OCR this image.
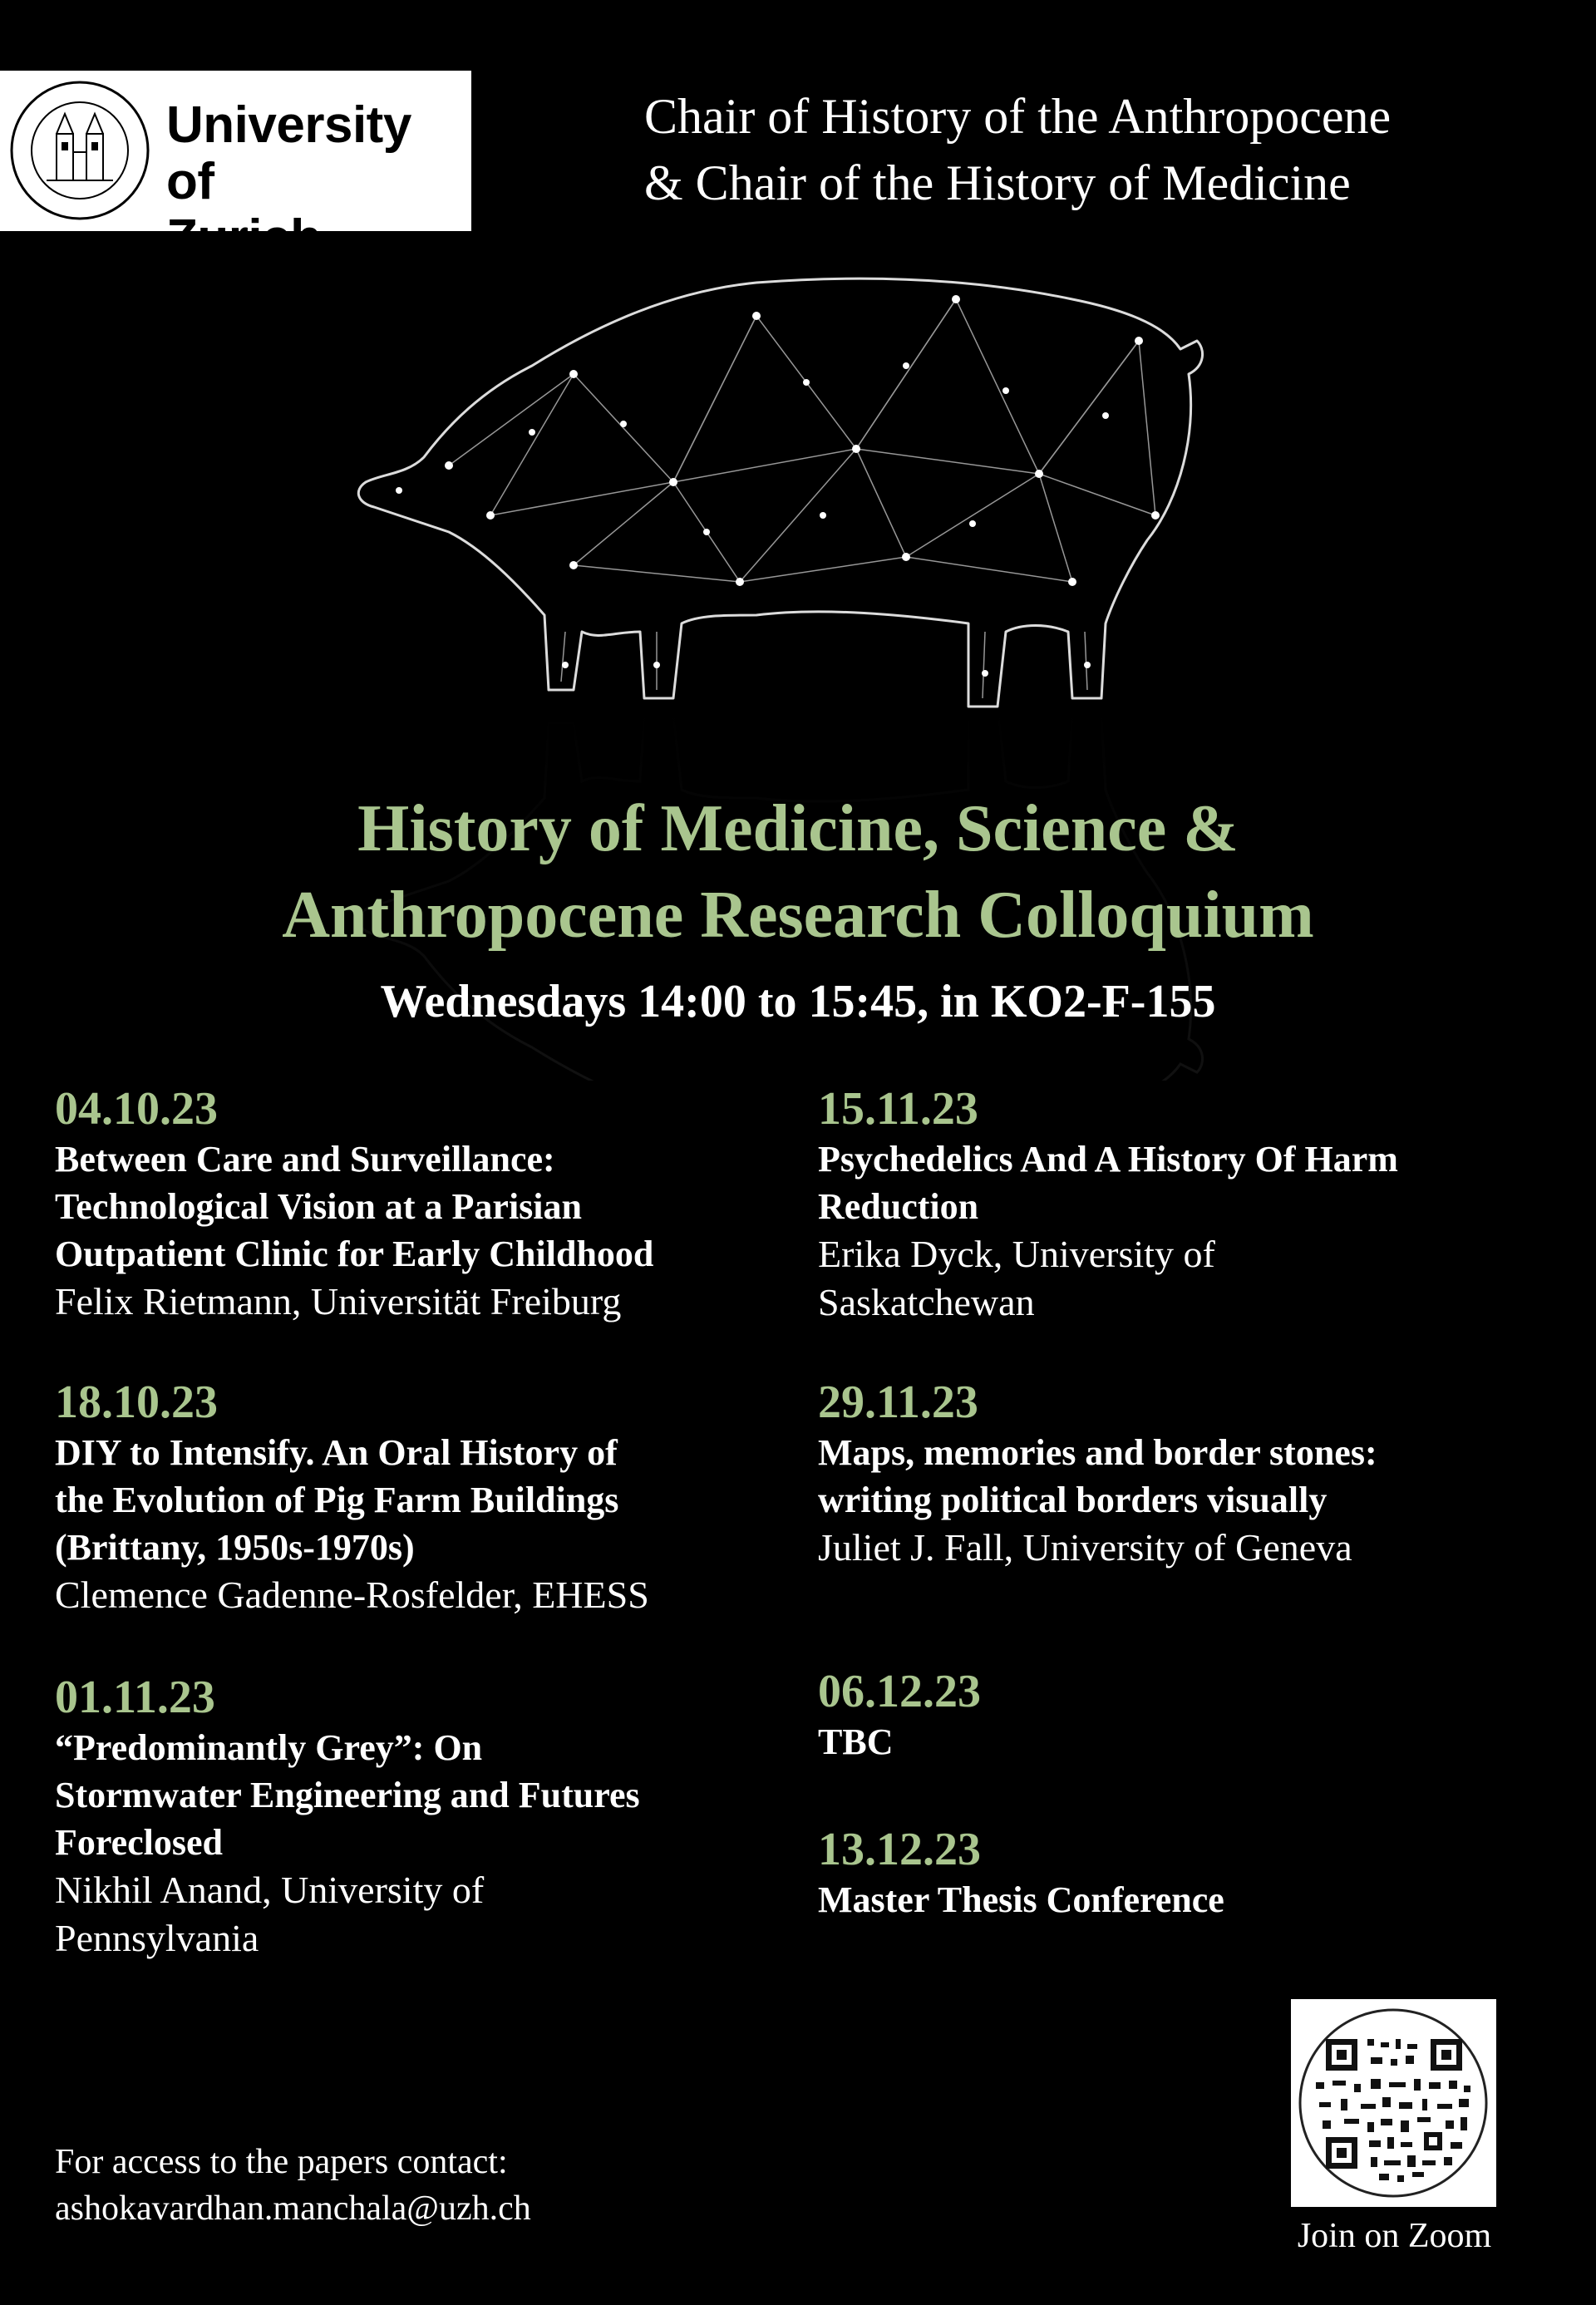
University of
Zurich $^{UZH}$
Chair of History of the Anthropocene
& Chair of the History of Medicine
History of Medicine, Science &
Anthropocene Research Colloquium
Wednesdays 14:00 to 15:45, in KO2-F-155
04.10.23
Between Care and Surveillance:
Technological Vision at a Parisian
Outpatient Clinic for Early Childhood
Felix Rietmann, Universität Freiburg
18.10.23
DIY to Intensify. An Oral History of
the Evolution of Pig Farm Buildings
(Brittany, 1950s-1970s)
Clemence Gadenne-Rosfelder, EHESS
01.11.23
“Predominantly Grey”: On
Stormwater Engineering and Futures
Foreclosed
Nikhil Anand, University of
Pennsylvania
15.11.23
Psychedelics And A History Of Harm
Reduction
Erika Dyck, University of
Saskatchewan
29.11.23
Maps, memories and border stones:
writing political borders visually
Juliet J. Fall, University of Geneva
06.12.23
TBC
13.12.23
Master Thesis Conference
For access to the papers contact:
ashokavardhan.manchala@uzh.ch
Join on Zoom
